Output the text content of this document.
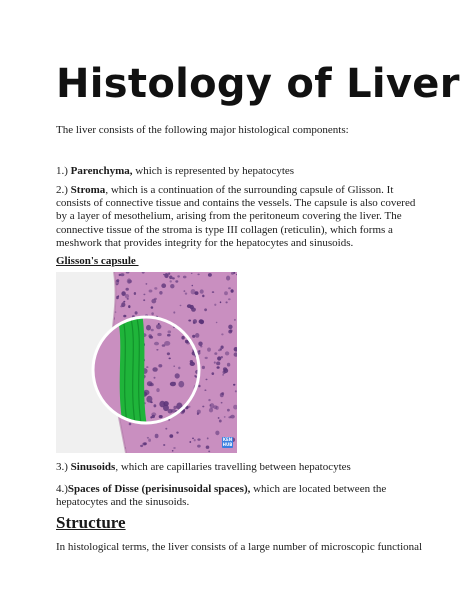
Histology of Liver

The liver consists of the following major histological components:

1.) Parenchyma, which is represented by hepatocytes

2.) Stroma, which is a continuation of the surrounding capsule of Glisson. It consists of connective tissue and contains the vessels. The capsule is also covered by a layer of mesothelium, arising from the peritoneum covering the liver. The connective tissue of the stroma is type III collagen (reticulin), which forms a meshwork that provides integrity for the hepatocytes and sinusoids.

Glisson's capsule

KEN HUB

3.) Sinusoids, which are capillaries travelling between hepatocytes

4.)Spaces of Disse (perisinusoidal spaces), which are located between the hepatocytes and the sinusoids.

Structure

In histological terms, the liver consists of a large number of microscopic functional
